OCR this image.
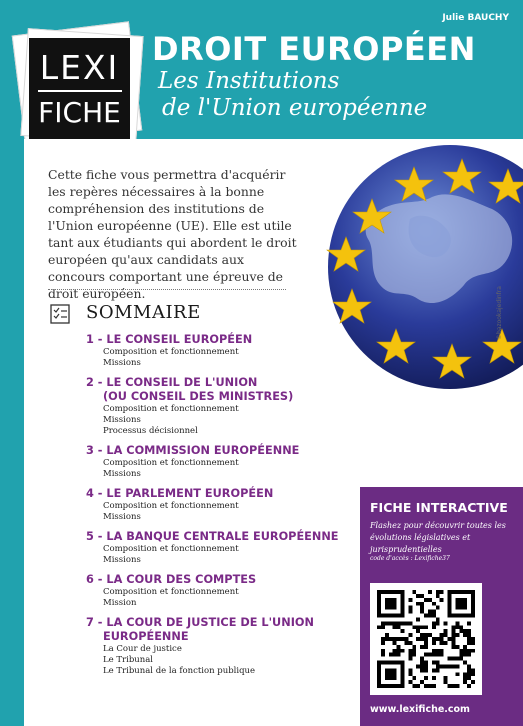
Julie BAUCHY
LEXI
FICHE
DROIT EUROPÉEN
Les Institutions
de l'Union européenne
©bazookajedinfra
Cette fiche vous permettra d'acquérir les repères nécessaires à la bonne compréhension des institutions de l'Union européenne (UE). Elle est utile tant aux étudiants qui abordent le droit européen qu'aux candidats aux concours comportant une épreuve de droit européen.
SOMMAIRE
1 - LE CONSEIL EUROPÉEN
Composition et fonctionnement
Missions
2 - LE CONSEIL DE L'UNION
(OU CONSEIL DES MINISTRES)
Composition et fonctionnement
Missions
Processus décisionnel
3 - LA COMMISSION EUROPÉENNE
Composition et fonctionnement
Missions
4 - LE PARLEMENT EUROPÉEN
Composition et fonctionnement
Missions
5 - LA BANQUE CENTRALE EUROPÉENNE
Composition et fonctionnement
Missions
6 - LA COUR DES COMPTES
Composition et fonctionnement
Mission
7 - LA COUR DE JUSTICE DE L'UNION
EUROPÉENNE
La Cour de justice
Le Tribunal
Le Tribunal de la fonction publique
FICHE INTERACTIVE
Flashez pour découvrir toutes les évolutions législatives et jurisprudentielles
code d'accès : Lexifiche37
www.lexifiche.com
